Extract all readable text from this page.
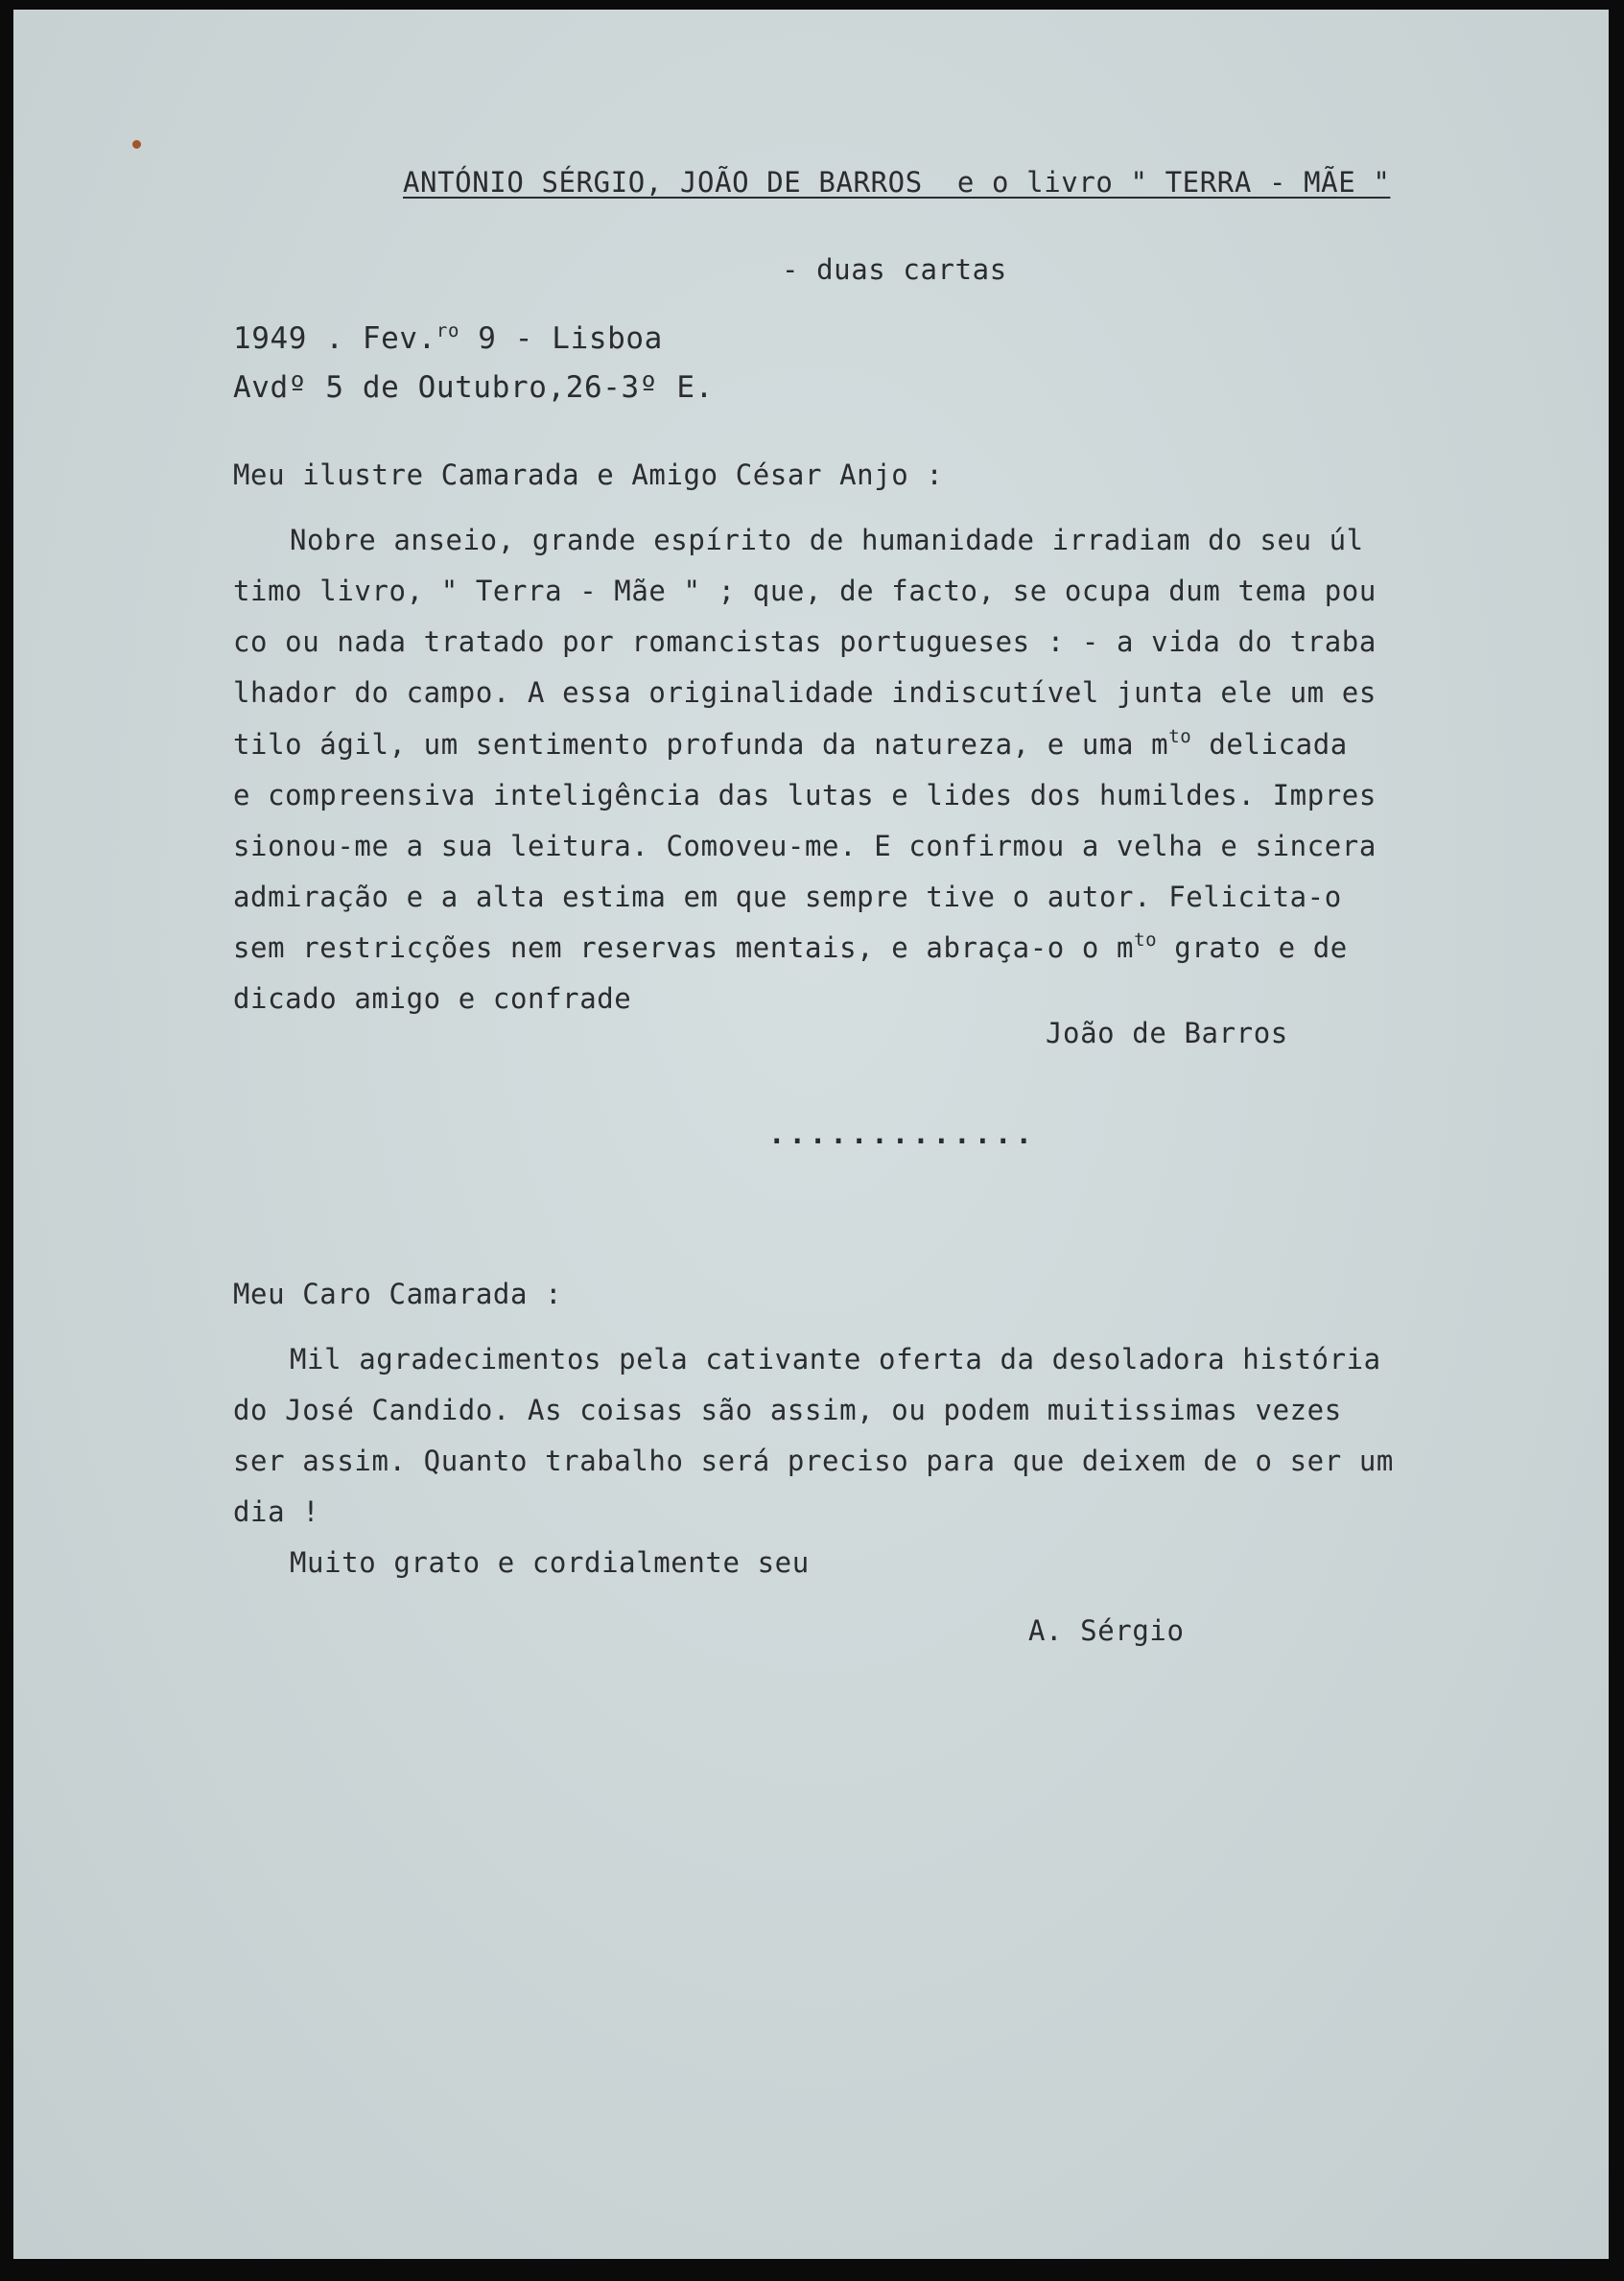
ANTÓNIO SÉRGIO, JOÃO DE BARROS  e o livro " TERRA - MÃE "
- duas cartas
1949 . Fev.$^{ro}$ 9 - Lisboa
Avdº 5 de Outubro,26-3º E.
Meu ilustre Camarada e Amigo César Anjo :
Nobre anseio, grande espírito de humanidade irradiam do seu úl
timo livro, " Terra - Mãe " ; que, de facto, se ocupa dum tema pou
co ou nada tratado por romancistas portugueses : - a vida do traba
lhador do campo. A essa originalidade indiscutível junta ele um es
tilo ágil, um sentimento profunda da natureza, e uma $m^{to}$ delicada
e compreensiva inteligência das lutas e lides dos humildes. Impres
sionou-me a sua leitura. Comoveu-me. E confirmou a velha e sincera
admiração e a alta estima em que sempre tive o autor. Felicita-o
sem restricções nem reservas mentais, e abraça-o o $m^{to}$ grato e de
dicado amigo e confrade
João de Barros
.............
Meu Caro Camarada :
Mil agradecimentos pela cativante oferta da desoladora história
do José Candido. As coisas são assim, ou podem muitissimas vezes
ser assim. Quanto trabalho será preciso para que deixem de o ser um
dia !
Muito grato e cordialmente seu
A. Sérgio
